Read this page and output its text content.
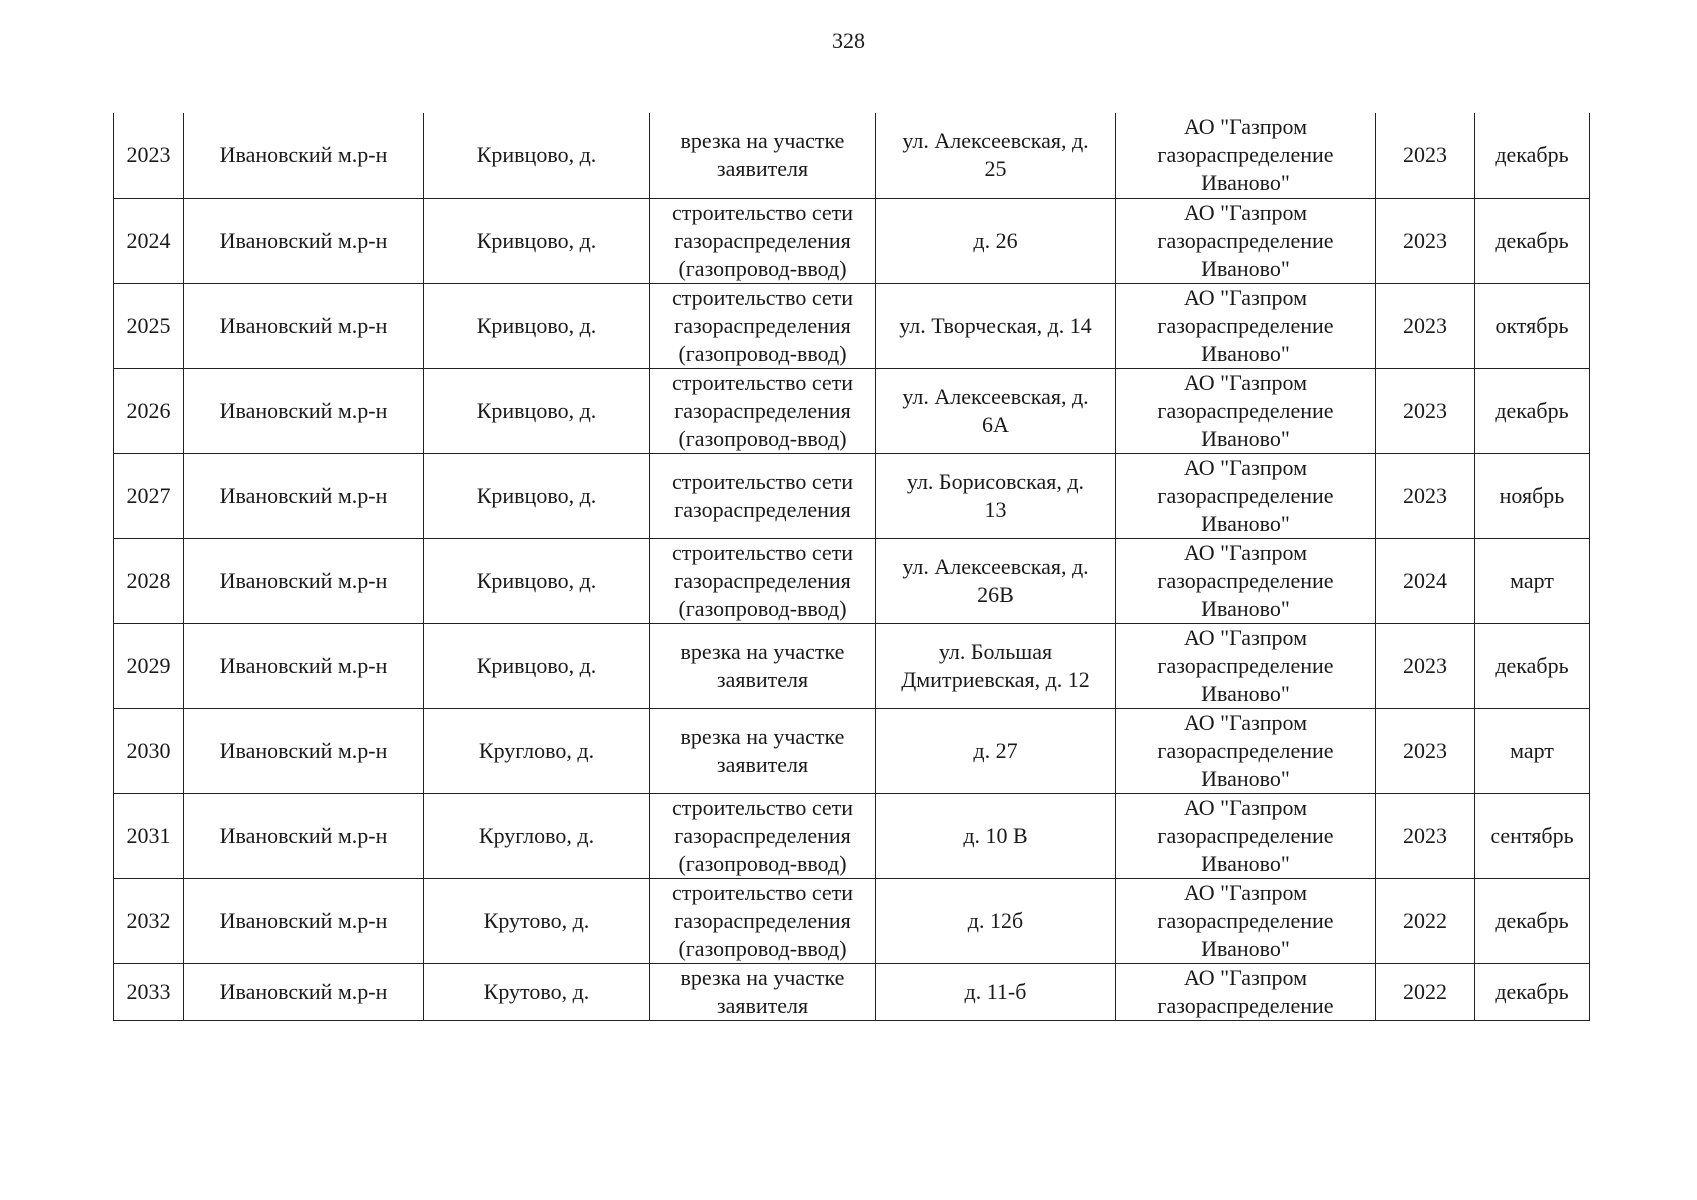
328
2023	Ивановский м.р-н	Кривцово, д.	врезка на участке
заявителя	ул. Алексеевская, д.
25	АО "Газпром
газораспределение
Иваново"	2023	декабрь
2024	Ивановский м.р-н	Кривцово, д.	строительство сети
газораспределения
(газопровод-ввод)	д. 26	АО "Газпром
газораспределение
Иваново"	2023	декабрь
2025	Ивановский м.р-н	Кривцово, д.	строительство сети
газораспределения
(газопровод-ввод)	ул. Творческая, д. 14	АО "Газпром
газораспределение
Иваново"	2023	октябрь
2026	Ивановский м.р-н	Кривцово, д.	строительство сети
газораспределения
(газопровод-ввод)	ул. Алексеевская, д.
6А	АО "Газпром
газораспределение
Иваново"	2023	декабрь
2027	Ивановский м.р-н	Кривцово, д.	строительство сети
газораспределения	ул. Борисовская, д.
13	АО "Газпром
газораспределение
Иваново"	2023	ноябрь
2028	Ивановский м.р-н	Кривцово, д.	строительство сети
газораспределения
(газопровод-ввод)	ул. Алексеевская, д.
26В	АО "Газпром
газораспределение
Иваново"	2024	март
2029	Ивановский м.р-н	Кривцово, д.	врезка на участке
заявителя	ул. Большая
Дмитриевская, д. 12	АО "Газпром
газораспределение
Иваново"	2023	декабрь
2030	Ивановский м.р-н	Круглово, д.	врезка на участке
заявителя	д. 27	АО "Газпром
газораспределение
Иваново"	2023	март
2031	Ивановский м.р-н	Круглово, д.	строительство сети
газораспределения
(газопровод-ввод)	д. 10 В	АО "Газпром
газораспределение
Иваново"	2023	сентябрь
2032	Ивановский м.р-н	Крутово, д.	строительство сети
газораспределения
(газопровод-ввод)	д. 12б	АО "Газпром
газораспределение
Иваново"	2022	декабрь
2033	Ивановский м.р-н	Крутово, д.	врезка на участке
заявителя	д. 11-б	АО "Газпром
газораспределение	2022	декабрь
